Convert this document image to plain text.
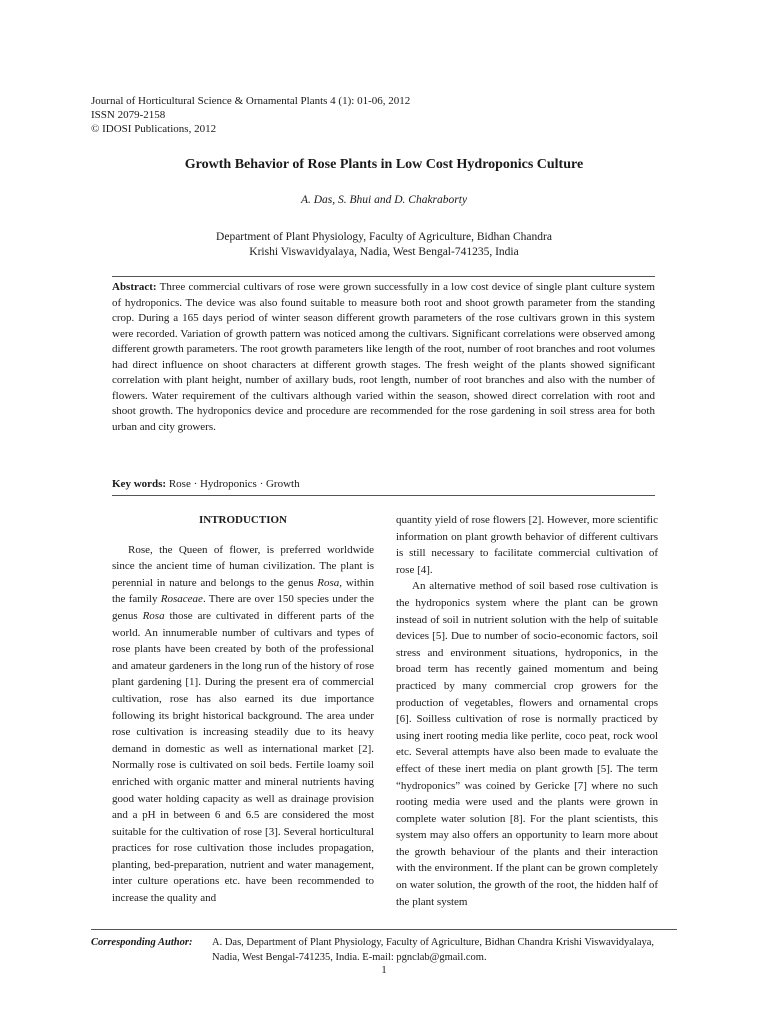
Journal of Horticultural Science & Ornamental Plants 4 (1): 01-06, 2012
ISSN 2079-2158
© IDOSI Publications, 2012
Growth Behavior of Rose Plants in Low Cost Hydroponics Culture
A. Das, S. Bhui and D. Chakraborty
Department of Plant Physiology, Faculty of Agriculture, Bidhan Chandra
Krishi Viswavidyalaya, Nadia, West Bengal-741235, India
Abstract: Three commercial cultivars of rose were grown successfully in a low cost device of single plant culture system of hydroponics. The device was also found suitable to measure both root and shoot growth parameter from the standing crop. During a 165 days period of winter season different growth parameters of the rose cultivars grown in this system were recorded. Variation of growth pattern was noticed among the cultivars. Significant correlations were observed among different growth parameters. The root growth parameters like length of the root, number of root branches and root volumes had direct influence on shoot characters at different growth stages. The fresh weight of the plants showed significant correlation with plant height, number of axillary buds, root length, number of root branches and also with the number of flowers. Water requirement of the cultivars although varied within the season, showed direct correlation with root and shoot growth. The hydroponics device and procedure are recommended for the rose gardening in soil stress area for both urban and city growers.
Key words: Rose · Hydroponics · Growth
INTRODUCTION

Rose, the Queen of flower, is preferred worldwide since the ancient time of human civilization. The plant is perennial in nature and belongs to the genus Rosa, within the family Rosaceae. There are over 150 species under the genus Rosa those are cultivated in different parts of the world. An innumerable number of cultivars and types of rose plants have been created by both of the professional and amateur gardeners in the long run of the history of rose plant gardening [1]. During the present era of commercial cultivation, rose has also earned its due importance following its bright historical background. The area under rose cultivation is increasing steadily due to its heavy demand in domestic as well as international market [2]. Normally rose is cultivated on soil beds. Fertile loamy soil enriched with organic matter and mineral nutrients having good water holding capacity as well as drainage provision and a pH in between 6 and 6.5 are considered the most suitable for the cultivation of rose [3]. Several horticultural practices for rose cultivation those includes propagation, planting, bed-preparation, nutrient and water management, inter culture operations etc. have been recommended to increase the quality and

quantity yield of rose flowers [2]. However, more scientific information on plant growth behavior of different cultivars is still necessary to facilitate commercial cultivation of rose [4].

An alternative method of soil based rose cultivation is the hydroponics system where the plant can be grown instead of soil in nutrient solution with the help of suitable devices [5]. Due to number of socio-economic factors, soil stress and environment situations, hydroponics, in the broad term has recently gained momentum and being practiced by many commercial crop growers for the production of vegetables, flowers and ornamental crops [6]. Soilless cultivation of rose is normally practiced by using inert rooting media like perlite, coco peat, rock wool etc. Several attempts have also been made to evaluate the effect of these inert media on plant growth [5]. The term “hydroponics” was coined by Gericke [7] where no such rooting media were used and the plants were grown in complete water solution [8]. For the plant scientists, this system may also offers an opportunity to learn more about the growth behaviour of the plants and their interaction with the environment. If the plant can be grown completely on water solution, the growth of the root, the hidden half of the plant system

Corresponding Author: A. Das, Department of Plant Physiology, Faculty of Agriculture, Bidhan Chandra Krishi Viswavidyalaya,
Nadia, West Bengal-741235, India. E-mail: pgnclab@gmail.com.
1
